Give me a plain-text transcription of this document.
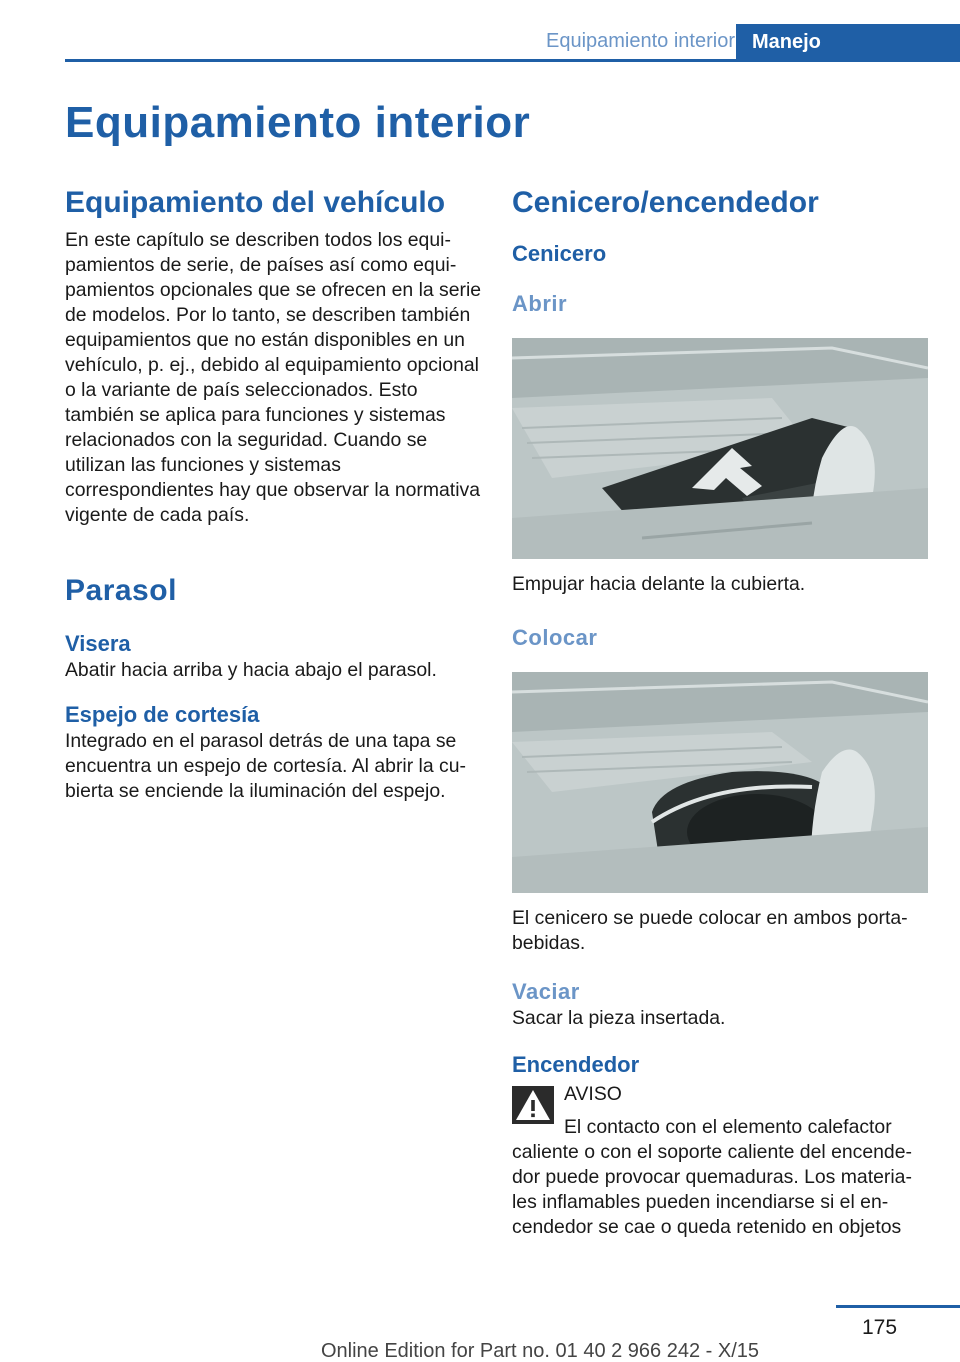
Equipamiento interior Manejo
Equipamiento interior
Equipamiento del vehículo

En este capítulo se describen todos los equipamientos de serie, de países así como equipamientos opcionales que se ofrecen en la serie de modelos. Por lo tanto, se describen también equipamientos que no están disponibles en un vehículo, p. ej., debido al equipamiento opcional o la variante de país seleccionados. Esto también se aplica para funciones y sistemas relacionados con la seguridad. Cuando se utilizan las funciones y sistemas correspondientes hay que observar la normativa vigente de cada país.

Parasol
Visera

Abatir hacia arriba y hacia abajo el parasol.

Espejo de cortesía

Integrado en el parasol detrás de una tapa se encuentra un espejo de cortesía. Al abrir la cubierta se enciende la iluminación del espejo.

Cenicero/encendedor
Cenicero
Abrir

Empujar hacia delante la cubierta.

Colocar

El cenicero se puede colocar en ambos portabebidas.

Vaciar

Sacar la pieza insertada.

Encendedor

AVISO

El contacto con el elemento calefactor

caliente o con el soporte caliente del encendedor puede provocar quemaduras. Los materiales inflamables pueden incendiarse si el encendedor se cae o queda retenido en objetos

175
Online Edition for Part no. 01 40 2 966 242 - X/15
